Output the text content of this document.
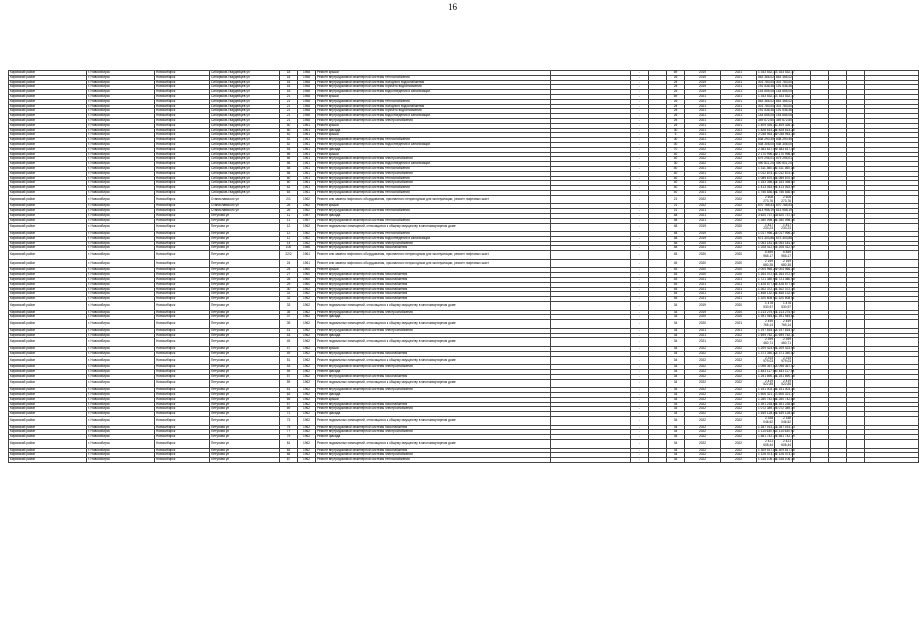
16
Кировский район	г. Новосибирск	Новосибирск	Сибиряков-Гвардейцев ул	18	1958	Ремонт крыши		-		69	2019	2021	1 343 532,17	1 343 532,17					
Кировский район	г. Новосибирск	Новосибирск	Сибиряков-Гвардейцев ул	18	1958	Ремонт внутридомовой инженерной системы теплоснабжения		-		25	2019	2021	863 366,02	863 366,02					
Кировский район	г. Новосибирск	Новосибирск	Сибиряков-Гвардейцев ул	18	1958	Ремонт внутридомовой инженерной системы холодного водоснабжения		-		25	2019	2021	301 783,00	301 783,00					
Кировский район	г. Новосибирск	Новосибирск	Сибиряков-Гвардейцев ул	18	1958	Ремонт внутридомовой инженерной системы горячего водоснабжения		-		25	2019	2021	191 536,46	191 536,46					
Кировский район	г. Новосибирск	Новосибирск	Сибиряков-Гвардейцев ул	18	1958	Ремонт внутридомовой инженерной системы водоотведения и канализации		-		25	2019	2021	144 655,05	144 655,05					
Кировский район	г. Новосибирск	Новосибирск	Сибиряков-Гвардейцев ул	21	1958	Ремонт крыши		-		69	2021	2021	1 343 532,17	1 343 532,17					
Кировский район	г. Новосибирск	Новосибирск	Сибиряков-Гвардейцев ул	21	1958	Ремонт внутридомовой инженерной системы теплоснабжения		-		25	2021	2021	863 366,02	863 366,02					
Кировский район	г. Новосибирск	Новосибирск	Сибиряков-Гвардейцев ул	21	1958	Ремонт внутридомовой инженерной системы холодного водоснабжения		-		25	2021	2021	301 783,00	301 783,00					
Кировский район	г. Новосибирск	Новосибирск	Сибиряков-Гвардейцев ул	21	1958	Ремонт внутридомовой инженерной системы горячего водоснабжения		-		25	2021	2021	191 536,46	191 536,46					
Кировский район	г. Новосибирск	Новосибирск	Сибиряков-Гвардейцев ул	21	1958	Ремонт внутридомовой инженерной системы водоотведения и канализации		-		25	2021	2021	144 655,05	144 655,05					
Кировский район	г. Новосибирск	Новосибирск	Сибиряков-Гвардейцев ул	21	1958	Ремонт внутридомовой инженерной системы электроснабжения		-		25	2021	2021	349 672,60	349 672,60					
Кировский район	г. Новосибирск	Новосибирск	Сибиряков-Гвардейцев ул	50	1961	Ремонт крыши		-		25	2021	2021	1 409 426,31	1 409 426,31					
Кировский район	г. Новосибирск	Новосибирск	Сибиряков-Гвардейцев ул	50	1961	Ремонт фасада		-		30	2021	2021	1 828 614,26	1 828 614,26					
Кировский район	г. Новосибирск	Новосибирск	Сибиряков-Гвардейцев ул	52	1961	Ремонт крыши		-		5	2021	2022	2 038 953,38	2 038 953,38					
Кировский район	г. Новосибирск	Новосибирск	Сибиряков-Гвардейцев ул	52	1961	Ремонт внутридомовой инженерной системы теплоснабжения		-		30	2021	2022	838 290,45	838 290,45					
Кировский район	г. Новосибирск	Новосибирск	Сибиряков-Гвардейцев ул	52	1961	Ремонт внутридомовой инженерной системы водоотведения и канализации		-		30	2021	2022	538 308,00	538 308,00					
Кировский район	г. Новосибирск	Новосибирск	Сибиряков-Гвардейцев ул	54	1961	Ремонт фасада		-		70	2022	2022	2 383 617,49	2 383 617,49					
Кировский район	г. Новосибирск	Новосибирск	Сибиряков-Гвардейцев ул	56	1961	Ремонт крыши		-		40	2022	2022	2 170 996,45	2 170 996,45					
Кировский район	г. Новосибирск	Новосибирск	Сибиряков-Гвардейцев ул	56	1961	Ремонт внутридомовой инженерной системы электроснабжения		-		40	2022	2022	679 295,01	679 295,01					
Кировский район	г. Новосибирск	Новосибирск	Сибиряков-Гвардейцев ул	56	1961	Ремонт внутридомовой инженерной системы водоотведения и канализации		-		30	2022	2022	490 811,24	490 811,24					
Кировский район	г. Новосибирск	Новосибирск	Сибиряков-Гвардейцев ул	58	1961	Ремонт внутридомовой инженерной системы теплоснабжения		-		40	2021	2022	1 311 360,38	1 311 360,38					
Кировский район	г. Новосибирск	Новосибирск	Сибиряков-Гвардейцев ул	58	1961	Ремонт внутридомовой инженерной системы электроснабжения		-		40	2021	2022	1 012 874,31	1 012 874,31					
Кировский район	г. Новосибирск	Новосибирск	Сибиряков-Гвардейцев ул	60	1961	Ремонт внутридомовой инженерной системы теплоснабжения		-		40	2021	2022	1 089 670,05	1 089 670,05					
Кировский район	г. Новосибирск	Новосибирск	Сибиряков-Гвардейцев ул	60	1961	Ремонт внутридомовой инженерной системы электроснабжения		-		40	2021	2022	1 153 398,53	1 153 398,53					
Кировский район	г. Новосибирск	Новосибирск	Сибиряков-Гвардейцев ул	62	1961	Ремонт внутридомовой инженерной системы теплоснабжения		-		40	2021	2022	1 413 063,99	1 413 063,99					
Кировский район	г. Новосибирск	Новосибирск	Сибиряков-Гвардейцев ул	64	1961	Ремонт внутридомовой инженерной системы теплоснабжения		-		40	2021	2022	1 756 836,54	1 756 836,54					
Кировский район	г. Новосибирск	Новосибирск	Станиславского ул	2/1	1962	Ремонт или замена лифтового оборудования, признанного непригодным для эксплуатации, ремонт лифтовых шахт		-		21	2022	2022	2 608 273,76	2 608 273,76					
Кировский район	г. Новосибирск	Новосибирск	Станиславского ул	26	1962	Ремонт крыши		-		21	2022	2022	670 785,53	670 785,53					
Кировский район	г. Новосибирск	Новосибирск	Станиславского ул	26	1962	Ремонт внутридомовой инженерной системы теплоснабжения		-		21	2021	2022	613 958,19	613 958,19					
Кировский район	г. Новосибирск	Новосибирск	Петухова ул	11	1957	Ремонт фасада		-		48	2021	2022	3 620 737,43	3 620 737,43					
Кировский район	г. Новосибирск	Новосибирск	Петухова ул	11	1957	Ремонт внутридомовой инженерной системы теплоснабжения		-		48	2021	2022	1 280 098,36	1 280 098,36					
Кировский район	г. Новосибирск	Новосибирск	Петухова ул	12	1962	Ремонт подвальных помещений, относящихся к общему имуществу в многоквартирном доме		-		48	2019	2020	1 817 233,23	1 817 233,23					
Кировский район	г. Новосибирск	Новосибирск	Петухова ул	12	1962	Ремонт внутридомовой инженерной системы теплоснабжения		-		48	2019	2020	1 017 996,20	1 017 996,20					
Кировский район	г. Новосибирск	Новосибирск	Петухова ул	12	1962	Ремонт внутридомовой инженерной системы водоотведения и канализации		-		48	2019	2020	673 303,88	673 303,88					
Кировский район	г. Новосибирск	Новосибирск	Петухова ул	14	1962	Ремонт внутридомовой инженерной системы электроснабжения		-		48	2020	2021	1 053 181,40	1 053 181,40					
Кировский район	г. Новосибирск	Новосибирск	Петухова ул	100	1986	Ремонт внутридомовой инженерной системы газоснабжения		-		48	2021	2022	1 208 412,90	1 208 412,90					
Кировский район	г. Новосибирск	Новосибирск	Петухова ул	22/2	1961	Ремонт или замена лифтового оборудования, признанного непригодным для эксплуатации, ремонт лифтовых шахт		-		45	2020	2020	6 859 965,17	6 859 965,17					
Кировский район	г. Новосибирск	Новосибирск	Петухова ул	24	1961	Ремонт или замена лифтового оборудования, признанного непригодным для эксплуатации, ремонт лифтовых шахт		-		45	2020	2020	2 169 680,35	2 169 680,35					
Кировский район	г. Новосибирск	Новосибирск	Петухова ул	25	1960	Ремонт крыши		-		45	2020	2020	2 004 966,39	2 004 966,39					
Кировский район	г. Новосибирск	Новосибирск	Петухова ул	27	1960	Ремонт внутридомовой инженерной системы газоснабжения		-		45	2020	2020	1 264 072,50	1 264 072,50					
Кировский район	г. Новосибирск	Новосибирск	Петухова ул	28	1960	Ремонт внутридомовой инженерной системы газоснабжения		-		45	2021	2021	1 721 380,95	1 721 380,95					
Кировский район	г. Новосибирск	Новосибирск	Петухова ул	29	1960	Ремонт внутридомовой инженерной системы газоснабжения		-		45	2021	2021	1 428 577,68	1 428 577,68					
Кировский район	г. Новосибирск	Новосибирск	Петухова ул	30	1962	Ремонт внутридомовой инженерной системы газоснабжения		-		45	2021	2021	1 302 372,15	1 302 372,15					
Кировский район	г. Новосибирск	Новосибирск	Петухова ул	31	1962	Ремонт внутридомовой инженерной системы газоснабжения		-		45	2021	2021	1 468 132,46	1 468 132,46					
Кировский район	г. Новосибирск	Новосибирск	Петухова ул	32	1962	Ремонт внутридомовой инженерной системы газоснабжения		-		45	2021	2021	1 320 608,91	1 320 608,91					
Кировский район	г. Новосибирск	Новосибирск	Петухова ул	33	1962	Ремонт подвальных помещений, относящихся к общему имуществу в многоквартирном доме		-		34	2019	2020	1 478 530,97	1 478 530,97					
Кировский район	г. Новосибирск	Новосибирск	Петухова ул	35	1962	Ремонт внутридомовой инженерной системы электроснабжения		-		34	2019	2020	1 213 275,93	1 213 275,93					
Кировский район	г. Новосибирск	Новосибирск	Петухова ул	37	1962	Ремонт фасада		-		34	2020	2020	1 391 945,61	1 391 945,61					
Кировский район	г. Новосибирск	Новосибирск	Петухова ул	39	1962	Ремонт подвальных помещений, относящихся к общему имуществу в многоквартирном доме		-		34	2020	2021	2 459 765,14	2 459 765,14					
Кировский район	г. Новосибирск	Новосибирск	Петухова ул	41	1962	Ремонт внутридомовой инженерной системы электроснабжения		-		34	2021	2021	1 197 815,42	1 197 815,42					
Кировский район	г. Новосибирск	Новосибирск	Петухова ул	43	1962	Ремонт фасада		-		34	2021	2022	1 699 752,71	1 699 752,71					
Кировский район	г. Новосибирск	Новосибирск	Петухова ул	45	1962	Ремонт подвальных помещений, относящихся к общему имуществу в многоквартирном доме		-		34	2021	2022	2 399 460,71	2 399 460,71					
Кировский район	г. Новосибирск	Новосибирск	Петухова ул	47	1962	Ремонт крыши		-		34	2022	2022	1 209 423,95	1 209 423,95					
Кировский район	г. Новосибирск	Новосибирск	Петухова ул	49	1962	Ремонт внутридомовой инженерной системы газоснабжения		-		34	2022	2022	1 371 350,52	1 371 350,52					
Кировский район	г. Новосибирск	Новосибирск	Петухова ул	51	1962	Ремонт подвальных помещений, относящихся к общему имуществу в многоквартирном доме		-		34	2022	2022	2 314 979,03	2 314 979,03					
Кировский район	г. Новосибирск	Новосибирск	Петухова ул	53	1962	Ремонт внутридомовой инженерной системы электроснабжения		-		34	2022	2022	1 098 367,02	1 098 367,02					
Кировский район	г. Новосибирск	Новосибирск	Петухова ул	55	1962	Ремонт фасада		-		34	2022	2022	1 483 117,54	1 483 117,54					
Кировский район	г. Новосибирск	Новосибирск	Петухова ул	57	1962	Ремонт внутридомовой инженерной системы газоснабжения		-		34	2022	2022	1 251 890,18	1 251 890,18					
Кировский район	г. Новосибирск	Новосибирск	Петухова ул	59	1962	Ремонт подвальных помещений, относящихся к общему имуществу в многоквартирном доме		-		34	2022	2022	2 419 522,85	2 419 522,85					
Кировский район	г. Новосибирск	Новосибирск	Петухова ул	61	1962	Ремонт внутридомовой инженерной системы электроснабжения		-		34	2022	2022	1 151 003,16	1 151 003,16					
Кировский район	г. Новосибирск	Новосибирск	Петухова ул	63	1962	Ремонт фасада		-		34	2022	2022	1 606 321,77	1 606 321,77					
Кировский район	г. Новосибирск	Новосибирск	Петухова ул	65	1962	Ремонт крыши		-		34	2022	2022	1 280 742,88	1 280 742,88					
Кировский район	г. Новосибирск	Новосибирск	Петухова ул	67	1962	Ремонт внутридомовой инженерной системы газоснабжения		-		34	2022	2022	1 391 235,68	1 391 235,68					
Кировский район	г. Новосибирск	Новосибирск	Петухова ул	69	1962	Ремонт внутридомовой инженерной системы электроснабжения		-		34	2022	2022	1 072 389,19	1 072 389,19					
Кировский район	г. Новосибирск	Новосибирск	Петухова ул	71	1962	Ремонт фасада		-		34	2022	2022	1 549 128,05	1 549 128,05					
Кировский район	г. Новосибирск	Новосибирск	Петухова ул	73	1962	Ремонт подвальных помещений, относящихся к общему имуществу в многоквартирном доме		-		34	2022	2022	2 338 046,52	2 338 046,52					
Кировский район	г. Новосибирск	Новосибирск	Петухова ул	75	1962	Ремонт внутридомовой инженерной системы газоснабжения		-		34	2022	2022	1 287 014,73	1 287 014,73					
Кировский район	г. Новосибирск	Новосибирск	Петухова ул	77	1962	Ремонт внутридомовой инженерной системы электроснабжения		-		34	2022	2022	1 114 630,92	1 114 630,92					
Кировский район	г. Новосибирск	Новосибирск	Петухова ул	79	1962	Ремонт фасада		-		34	2022	2022	1 581 742,19	1 581 742,19					
Кировский район	г. Новосибирск	Новосибирск	Петухова ул	81	1962	Ремонт подвальных помещений, относящихся к общему имуществу в многоквартирном доме		-		34	2022	2022	2 421 608,44	2 421 608,44					
Кировский район	г. Новосибирск	Новосибирск	Петухова ул	83	1962	Ремонт внутридомовой инженерной системы газоснабжения		-		34	2022	2022	1 309 517,06	1 309 517,06					
Кировский район	г. Новосибирск	Новосибирск	Петухова ул	85	1962	Ремонт внутридомовой инженерной системы электроснабжения		-		34	2022	2022	1 126 473,35	1 126 473,35					
Кировский район	г. Новосибирск	Новосибирск	Петухова ул	87	1962	Ремонт внутридомовой инженерной системы теплоснабжения		-		34	2022	2022	1 338 106,18	1 338 106,18					
